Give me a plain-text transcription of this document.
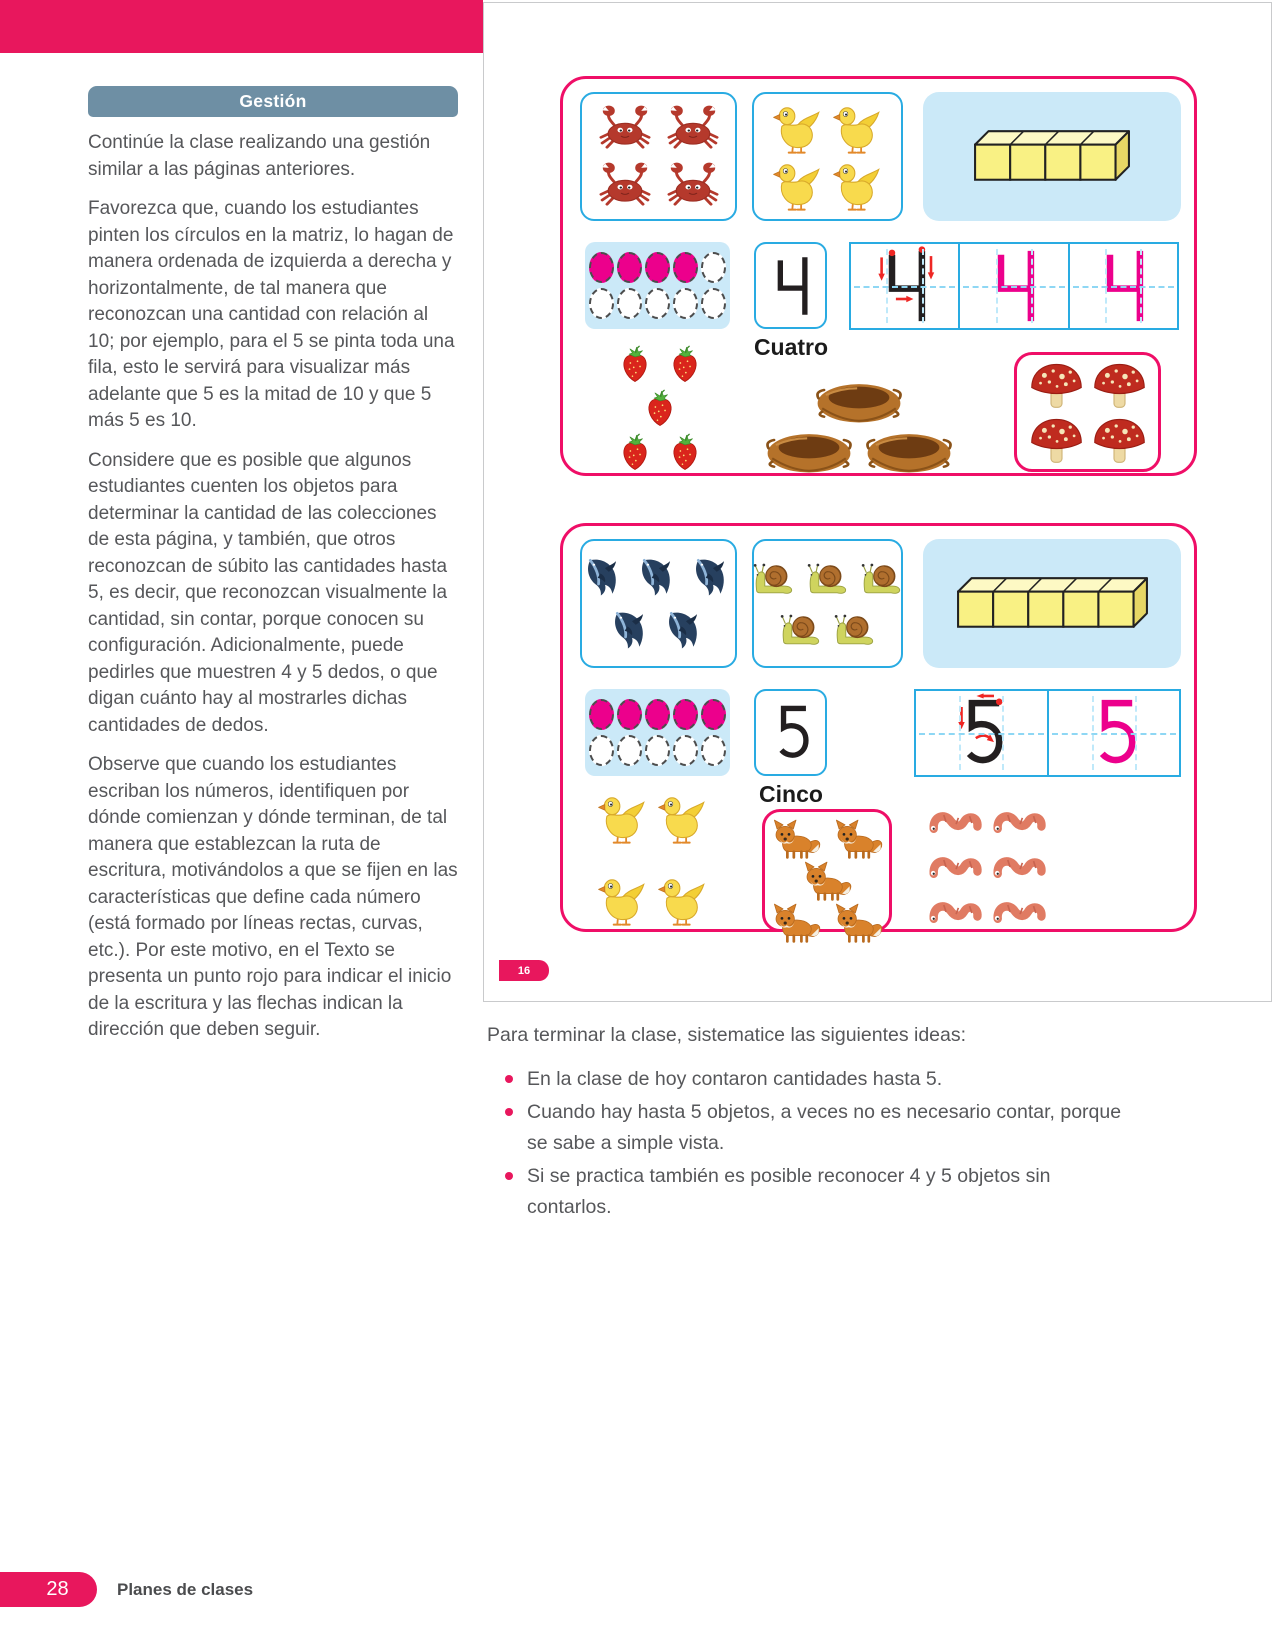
Gestión

Continúe la clase realizando una gestión similar a las páginas anteriores.

Favorezca que, cuando los estudiantes pinten los círculos en la matriz, lo hagan de manera ordenada de izquierda a derecha y horizontalmente, de tal manera que reconozcan una cantidad con relación al 10; por ejemplo, para el 5 se pinta toda una fila, esto le servirá para visualizar más adelante que 5 es la mitad de 10 y que 5 más 5 es 10.

Considere que es posible que algunos estudiantes cuenten los objetos para determinar la cantidad de las colecciones de esta página, y también, que otros reconozcan de súbito las cantidades hasta 5, es decir, que reconozcan visualmente la cantidad, sin contar, porque conocen su configuración. Adicionalmente, puede pedirles que muestren 4 y 5 dedos, o que digan cuánto hay al mostrarles dichas cantidades de dedos.

Observe que cuando los estudiantes escriban los números, identifiquen por dónde comienzan y dónde terminan, de tal manera que establezcan la ruta de escritura, motivándolos a que se fijen en las características que define cada número (está formado por líneas rectas, curvas, etc.). Por este motivo, en el Texto se presenta un punto rojo para indicar el inicio de la escritura y las flechas indican la dirección que deben seguir.

16
Cuatro
Cinco

Para terminar la clase, sistematice las siguientes ideas:

En la clase de hoy contaron cantidades hasta 5.
Cuando hay hasta 5 objetos, a veces no es necesario contar, porque se sabe a simple vista.
Si se practica también es posible reconocer 4 y 5 objetos sin contarlos.
28	Planes de clases
